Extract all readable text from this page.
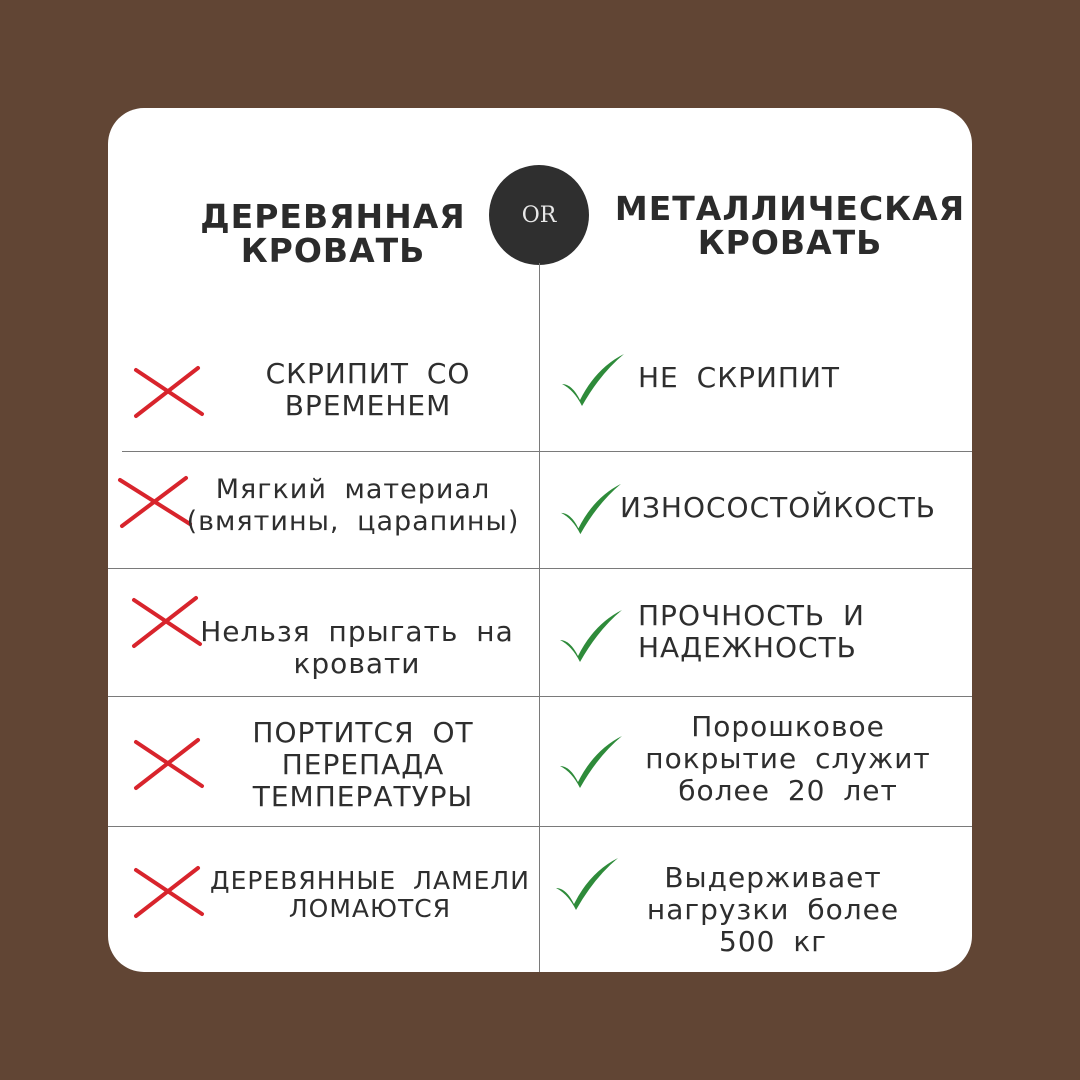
ДЕРЕВЯННАЯ
КРОВАТЬ
МЕТАЛЛИЧЕСКАЯ
КРОВАТЬ
OR
СКРИПИТ СО
ВРЕМЕНЕМ
НЕ СКРИПИТ
Мягкий материал
(вмятины, царапины)	ИЗНОСОСТОЙКОСТЬ
Нельзя прыгать на
кровати
ПРОЧНОСТЬ И
НАДЕЖНОСТЬ
ПОРТИТСЯ ОТ
ПЕРЕПАДА
ТЕМПЕРАТУРЫ
Порошковое
покрытие служит
более 20 лет
ДЕРЕВЯННЫЕ ЛАМЕЛИ
ЛОМАЮТСЯ
Выдерживает
нагрузки более
500 кг
